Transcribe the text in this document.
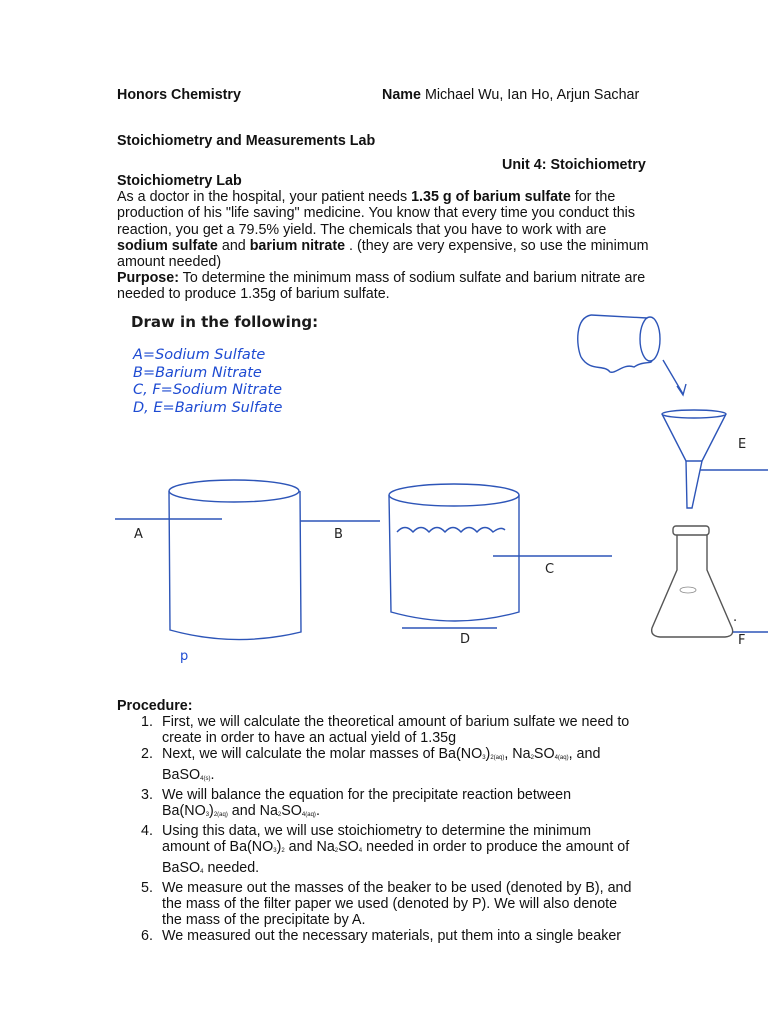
Honors Chemistry	Name Michael Wu, Ian Ho, Arjun Sachar
Stoichiometry and Measurements Lab
Unit 4: Stoichiometry
Stoichiometry Lab
As a doctor in the hospital, your patient needs 1.35 g of barium sulfate for the production of his "life saving" medicine. You know that every time you conduct this reaction, you get a 79.5% yield. The chemicals that you have to work with are sodium sulfate and barium nitrate . (they are very expensive, so use the minimum amount needed)
Purpose: To determine the minimum mass of sodium sulfate and barium nitrate are needed to produce 1.35g of barium sulfate.
Draw in the following:
A=Sodium Sulfate
B=Barium Nitrate
C, F=Sodium Nitrate
D, E=Barium Sulfate
A	B
C
D
E
F
.
p
Procedure:
1. First, we will calculate the theoretical amount of barium sulfate we need to
create in order to have an actual yield of 1.35g
2. Next, we will calculate the molar masses of Ba(NO3)2(aq), Na2SO4(aq), and
BaSO4(s).
3. We will balance the equation for the precipitate reaction between
Ba(NO3)2(aq) and Na2SO4(aq).
4. Using this data, we will use stoichiometry to determine the minimum
amount of Ba(NO3)2 and Na2SO4 needed in order to produce the amount of
BaSO4 needed.
5. We measure out the masses of the beaker to be used (denoted by B), and
the mass of the filter paper we used (denoted by P). We will also denote
the mass of the precipitate by A.
6. We measured out the necessary materials, put them into a single beaker
